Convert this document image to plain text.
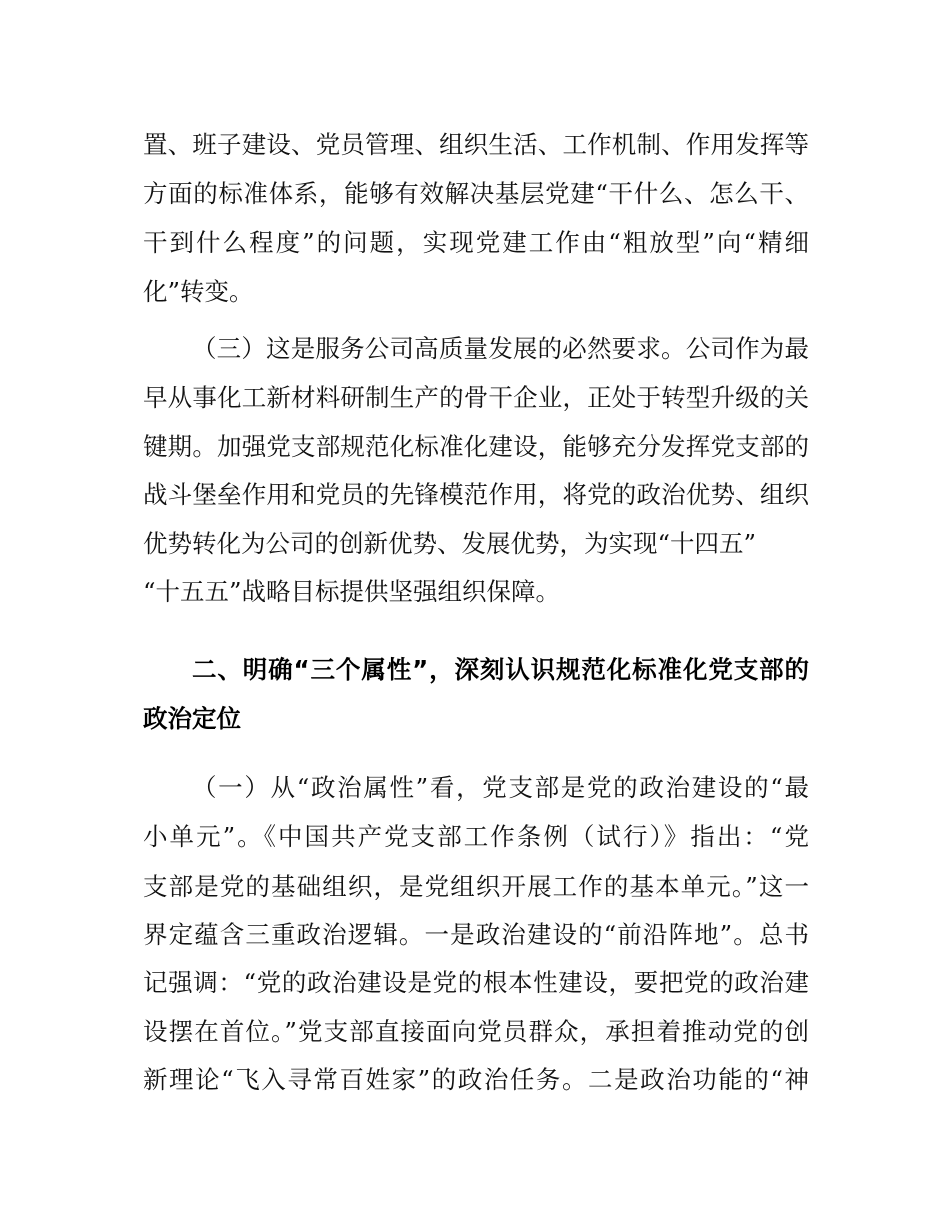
置、班子建设、党员管理、组织生活、工作机制、作用发挥等
方面的标准体系，能够有效解决基层党建“干什么、怎么干、
干到什么程度”的问题，实现党建工作由“粗放型”向“精细
化”转变。
（三）这是服务公司高质量发展的必然要求。公司作为最
早从事化工新材料研制生产的骨干企业，正处于转型升级的关
键期。加强党支部规范化标准化建设，能够充分发挥党支部的
战斗堡垒作用和党员的先锋模范作用，将党的政治优势、组织
优势转化为公司的创新优势、发展优势，为实现“十四五”
“十五五”战略目标提供坚强组织保障。
二、明确“三个属性”，深刻认识规范化标准化党支部的
政治定位
（一）从“政治属性”看，党支部是党的政治建设的“最
小单元”。《中国共产党支部工作条例（试行）》指出：“党
支部是党的基础组织，是党组织开展工作的基本单元。”这一
界定蕴含三重政治逻辑。一是政治建设的“前沿阵地”。总书
记强调：“党的政治建设是党的根本性建设，要把党的政治建
设摆在首位。”党支部直接面向党员群众，承担着推动党的创
新理论“飞入寻常百姓家”的政治任务。二是政治功能的“神
